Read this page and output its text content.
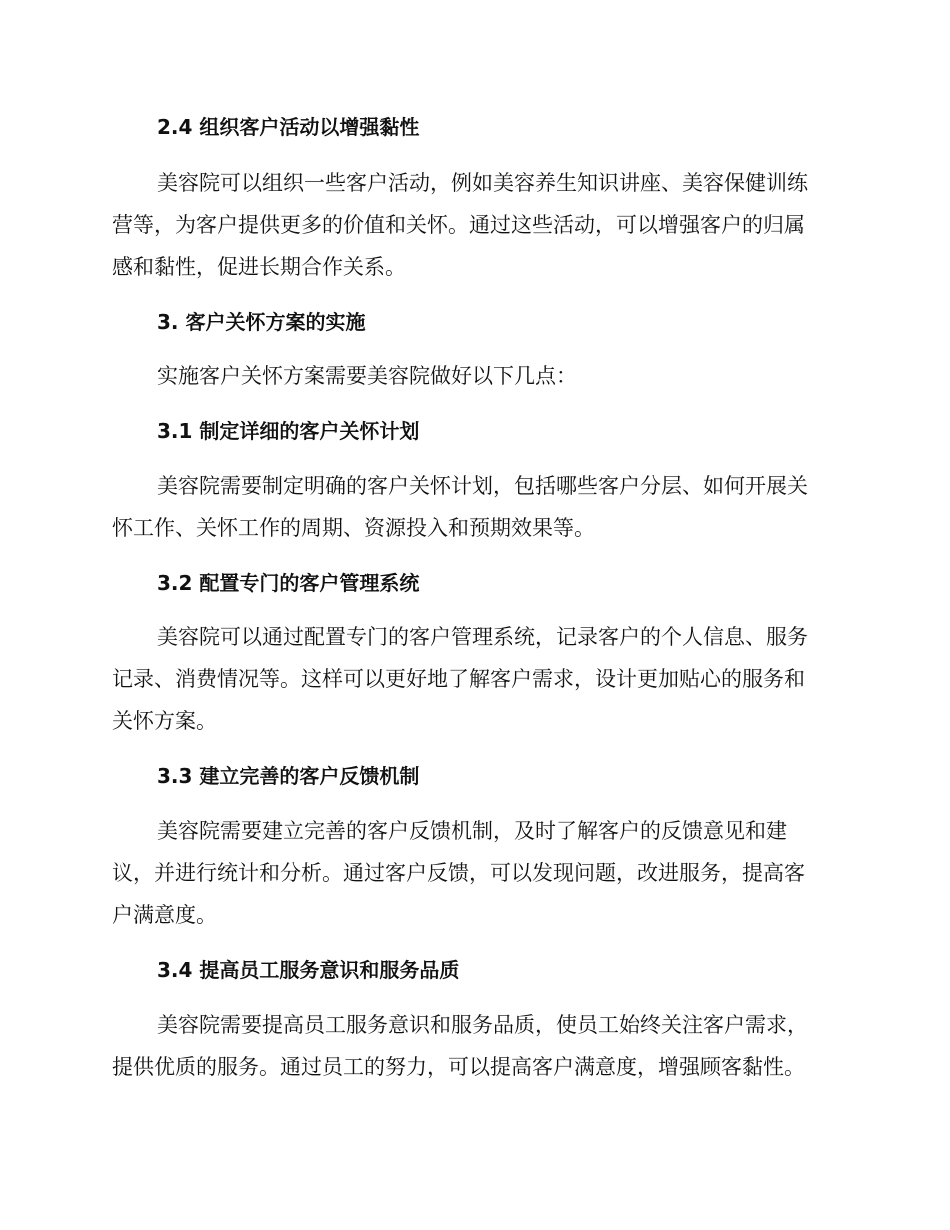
2.4 组织客户活动以增强黏性
美容院可以组织一些客户活动，例如美容养生知识讲座、美容保健训练
营等，为客户提供更多的价值和关怀。通过这些活动，可以增强客户的归属
感和黏性，促进长期合作关系。
3. 客户关怀方案的实施
实施客户关怀方案需要美容院做好以下几点：
3.1 制定详细的客户关怀计划
美容院需要制定明确的客户关怀计划，包括哪些客户分层、如何开展关
怀工作、关怀工作的周期、资源投入和预期效果等。
3.2 配置专门的客户管理系统
美容院可以通过配置专门的客户管理系统，记录客户的个人信息、服务
记录、消费情况等。这样可以更好地了解客户需求，设计更加贴心的服务和
关怀方案。
3.3 建立完善的客户反馈机制
美容院需要建立完善的客户反馈机制，及时了解客户的反馈意见和建
议，并进行统计和分析。通过客户反馈，可以发现问题，改进服务，提高客
户满意度。
3.4 提高员工服务意识和服务品质
美容院需要提高员工服务意识和服务品质，使员工始终关注客户需求，
提供优质的服务。通过员工的努力，可以提高客户满意度，增强顾客黏性。
